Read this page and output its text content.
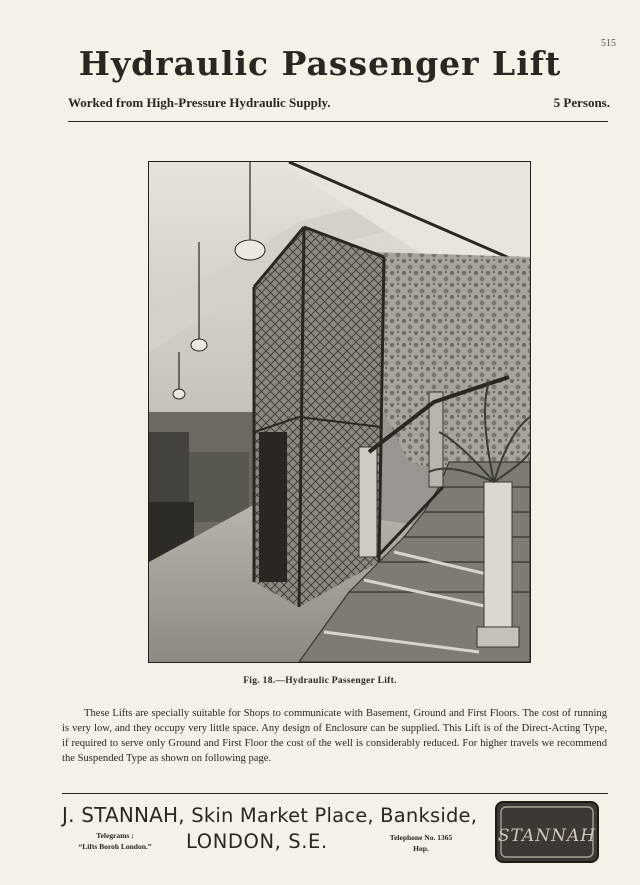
515
Hydraulic Passenger Lift
Worked from High-Pressure Hydraulic Supply.	5 Persons.
Fig. 18.—Hydraulic Passenger Lift.
These Lifts are specially suitable for Shops to communicate with Basement, Ground and First Floors. The cost of running is very low, and they occupy very little space. Any design of Enclosure can be supplied. This Lift is of the Direct-Acting Type, if required to serve only Ground and First Floor the cost of the well is considerably reduced. For higher travels we recommend the Suspended Type as shown on following page.
J. STANNAH, Skin Market Place, Bankside,
Telegrams :
“Lifts Boroh London.”	LONDON, S.E.	Telephone No. 1365
Hop.
STANNAH
